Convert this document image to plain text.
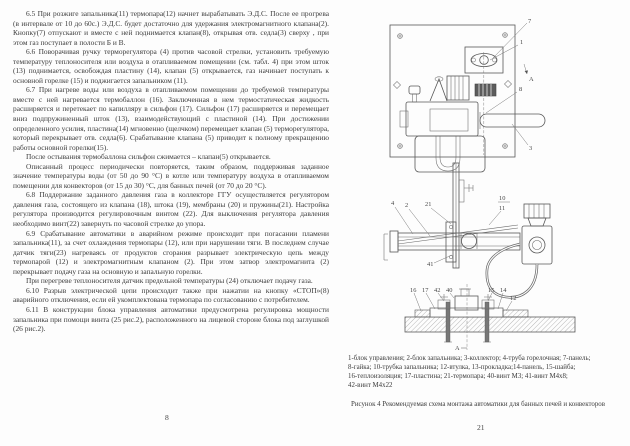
6.5 При розжиге запальника(11) термопара(12) начнет вырабатывать Э.Д.С. После ее прогрева (в интервале от 10 до 60с.) Э.Д.С. будет достаточно для удержания электромагнитного клапана(2). Кнопку(7) отпускают и вместе с ней поднимается клапан(8), открывая отв. седла(3) сверху , при этом газ поступает в полости Б и В.

6.6 Поворачивая ручку терморегулятора (4) против часовой стрелки, установить требуемую температуру теплоносителя или воздуха в отапливаемом помещении (см. табл. 4) при этом шток (13) поднимается, освобождая пластину (14), клапан (5) открывается, газ начинает поступать к основной горелке (15) и поджигается запальником (11).

6.7 При нагреве воды или воздуха в отапливаемом помещении до требуемой температуры вместе с ней нагревается термобаллон (16). Заключенная в нем термостатическая жидкость расширяется и перетекает по капилляру в сильфон (17). Сильфон (17) расширяется и перемещает вниз подпружиненный шток (13), взаимодействующий с пластиной (14). При достижении определенного усилия, пластина(14) мгновенно (щелчком) перемещает клапан (5) терморегулятора, который перекрывает отв. седла(6). Срабатывание клапана (5) приводит к полному прекращению работы основной горелки(15).

После остывания термобаллона сильфон сжимается – клапан(5) открывается.

Описанный процесс периодически повторяется, таким образом, поддерживая заданное значение температуры воды (от 50 до 90 °С) в котле или температуру воздуха в отапливаемом помещении для конвекторов (от 15 до 30) °С, для банных печей (от 70 до 20 °С).

6.8 Поддержание заданного давления газа в коллекторе ГГУ осуществляется регулятором давления газа, состоящего из клапана (18), штока (19), мембраны (20) и пружины(21). Настройка регулятора производится регулировочным винтом (22). Для выключения регулятора давления необходимо винт(22) завернуть по часовой стрелке до упора.

6.9 Срабатывание автоматики в аварийном режиме происходит при погасании пламени запальника(11), за счет охлаждения термопары (12), или при нарушении тяги. В последнем случае датчик тяги(23) нагреваясь от продуктов сгорания разрывает электрическую цепь между термопарой (12) и электромагнитным клапаном (2). При этом затвор электромагнита (2) перекрывает подачу газа на основную и запальную горелки.

При перегреве теплоносителя датчик предельной температуры (24) отключает подачу газа.

6.10 Разрыв электрической цепи происходит также при нажатии на кнопку «СТОП»(8) аварийного отключения, если ей укомплектована термопара по согласованию с потребителем.

6.11 В конструкции блока управления автоматики предусмотрена регулировка мощности запальника при помощи винта (25 рис.2), расположенного на лицевой стороне блока под заглушкой (26 рис.2).

8
7
1
А
8
3
4 2	21
10
11
41
16 17 42 40	15 14
12
А
1-блок управления; 2-блок запальника; 3-коллектор; 4-труба горелочная; 7-панель;
8-гайка; 10-трубка запальника; 12-втулка, 13-прокладка;14-панель, 15-шайба;
16-теплоизоляция; 17-пластина; 21-термопара; 40-винт М3; 41-винт М4х8;
42-винт М4х22
Рисунок 4 Рекомендуемая схема монтажа автоматики для банных печей и конвекторов
21
